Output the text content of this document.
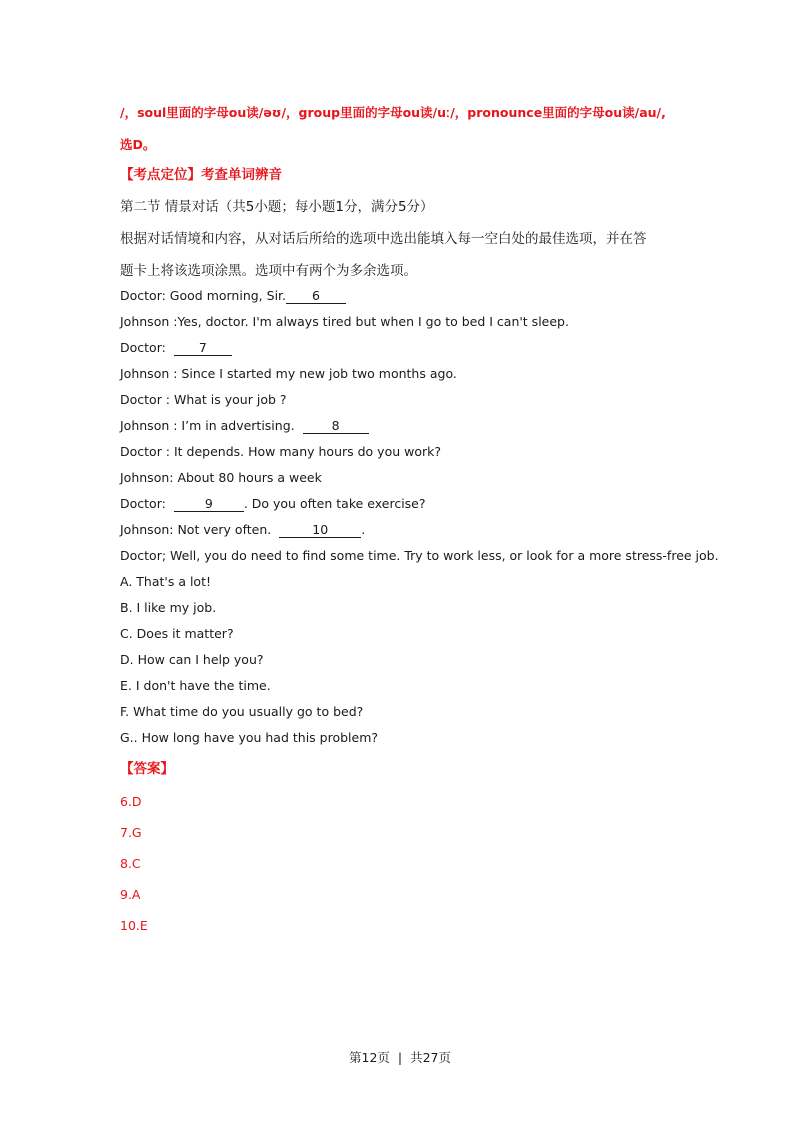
/，soul里面的字母ou读/əʊ/，group里面的字母ou读/uː/，pronounce里面的字母ou读/au/,

选D。

【考点定位】考查单词辨音

第二节 情景对话（共5小题；每小题1分，满分5分）

根据对话情境和内容，从对话后所给的选项中选出能填入每一空白处的最佳选项，并在答

题卡上将该选项涂黑。选项中有两个为多余选项。

Doctor: Good morning, Sir. 6

Johnson :Yes, doctor. I'm always tired but when I go to bed I can't sleep.

Doctor: 7

Johnson : Since I started my new job two months ago.

Doctor : What is your job ?

Johnson : I’m in advertising.	8

Doctor : It depends. How many hours do you work?

Johnson: About 80 hours a week

Doctor:	9 . Do you often take exercise?

Johnson: Not very often.	10	.

Doctor; Well, you do need to find some time. Try to work less, or look for a more stress-free job.

A. That's a lot!

B. I like my job.

C. Does it matter?

D. How can I help you?

E. I don't have the time.

F. What time do you usually go to bed?

G.. How long have you had this problem?

【答案】

6.D

7.G

8.C

9.A

10.E

第12页 | 共27页
